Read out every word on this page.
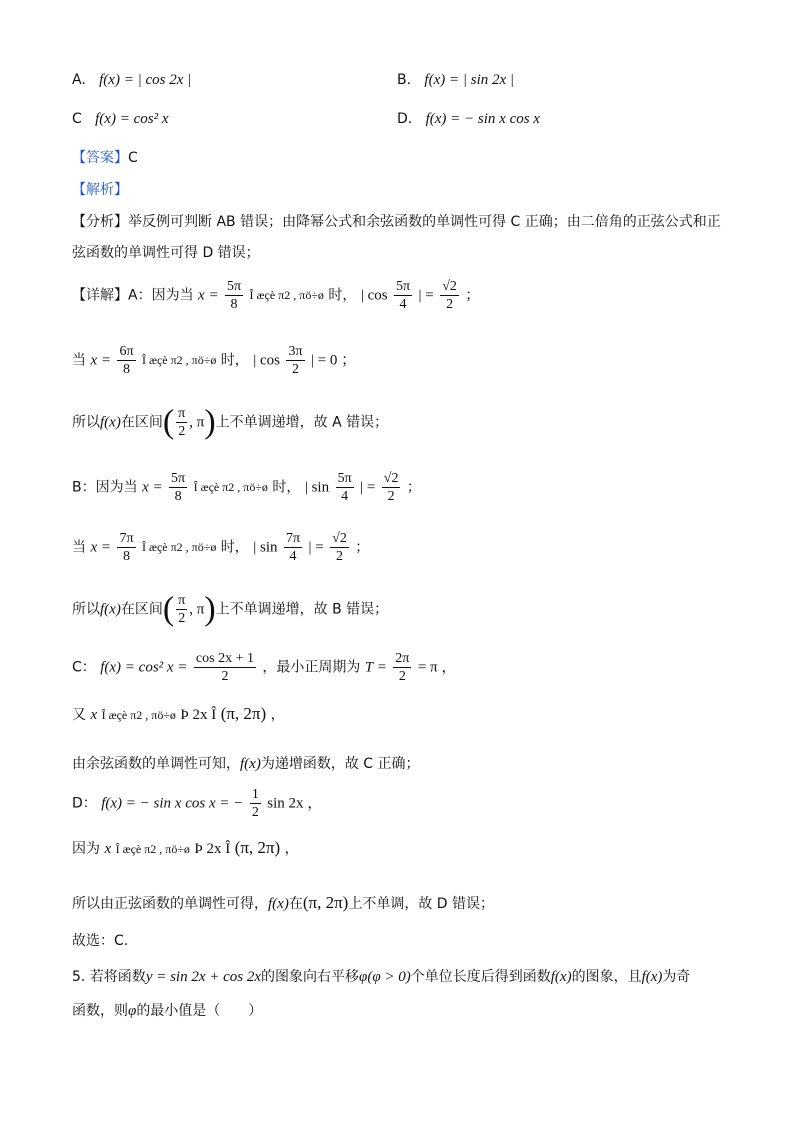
A. f(x) = | cos 2x |	B. f(x) = | sin 2x |
C f(x) = cos² x	D. f(x) = − sin x cos x
【答案】C
【解析】
【分析】举反例可判断 AB 错误；由降幂公式和余弦函数的单调性可得 C 正确；由二倍角的正弦公式和正
弦函数的单调性可得 D 错误；
【详解】A：因为当 $x = \frac{5\pi}{8}$ Î æçè π2 , πö÷ø 时， | $\cos \frac{5\pi}{4}$ | = $\frac{√2}{2}$ ；
当 $x = \frac{6\pi}{8}$ Î æçè π2 , πö÷ø 时， | $\cos \frac{3\pi}{2}$ | = 0 ；
所以f(x)在区间( $\frac{\pi}{2}$ , π)上不单调递增，故 A 错误；
B：因为当 $x = \frac{5\pi}{8}$ Î æçè π2 , πö÷ø 时， | $\sin \frac{5\pi}{4}$ | = $\frac{√2}{2}$ ；
当 $x = \frac{7\pi}{8}$ Î æçè π2 , πö÷ø 时， | $\sin \frac{7\pi}{4}$ | = $\frac{√2}{2}$ ；
所以f(x)在区间( $\frac{\pi}{2}$ , π)上不单调递增，故 B 错误；
C： f(x) = cos² $x = \frac{\cos 2x + 1}{2}$ ，最小正周期为 $T = \frac{2\pi}{2} = \pi$ ，
又 x Î æçè π2 , πö÷ø Þ 2x Î (π, 2π) ，
由余弦函数的单调性可知，f(x)为递增函数，故 C 正确；
D： f(x) = − sin x cos x = − $\frac{1}{2}$ sin 2x ，
因为 x Î æçè π2 , πö÷ø Þ 2x Î (π, 2π) ，
所以由正弦函数的单调性可得，f(x)在(π, 2π)上不单调，故 D 错误；
故选：C.
5. 若将函数y = sin 2x + cos 2x的图象向右平移φ(φ > 0)个单位长度后得到函数f(x)的图象，且f(x)为奇
函数，则φ的最小值是（　　）
